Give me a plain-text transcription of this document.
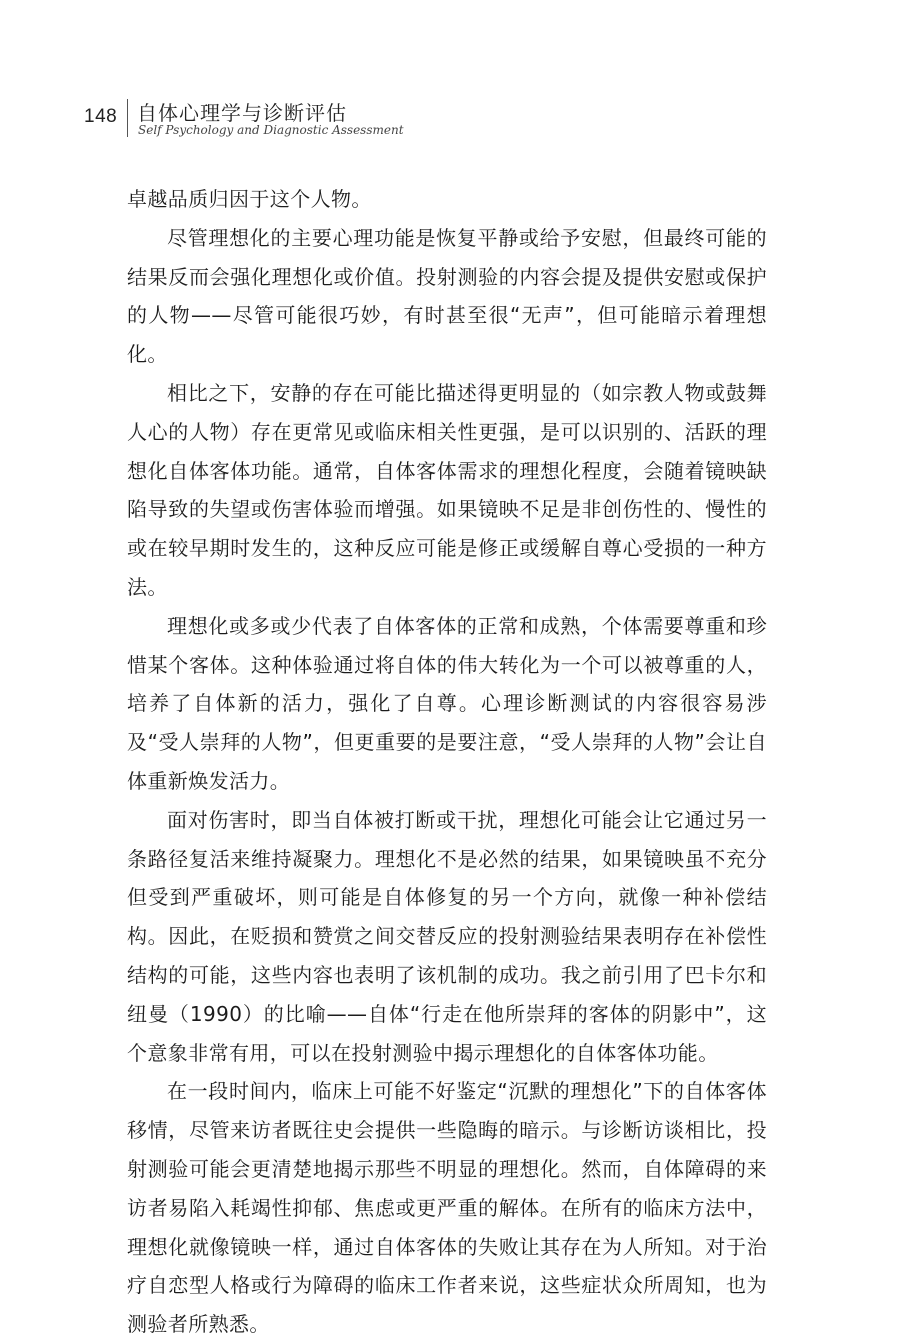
148 自体心理学与诊断评估
Self Psychology and Diagnostic Assessment

卓越品质归因于这个人物。

尽管理想化的主要心理功能是恢复平静或给予安慰，但最终可能的结果反而会强化理想化或价值。投射测验的内容会提及提供安慰或保护的人物——尽管可能很巧妙，有时甚至很“无声”，但可能暗示着理想化。

相比之下，安静的存在可能比描述得更明显的（如宗教人物或鼓舞人心的人物）存在更常见或临床相关性更强，是可以识别的、活跃的理想化自体客体功能。通常，自体客体需求的理想化程度，会随着镜映缺陷导致的失望或伤害体验而增强。如果镜映不足是非创伤性的、慢性的或在较早期时发生的，这种反应可能是修正或缓解自尊心受损的一种方法。

理想化或多或少代表了自体客体的正常和成熟，个体需要尊重和珍惜某个客体。这种体验通过将自体的伟大转化为一个可以被尊重的人，培养了自体新的活力，强化了自尊。心理诊断测试的内容很容易涉及“受人崇拜的人物”，但更重要的是要注意，“受人崇拜的人物”会让自体重新焕发活力。

面对伤害时，即当自体被打断或干扰，理想化可能会让它通过另一条路径复活来维持凝聚力。理想化不是必然的结果，如果镜映虽不充分但受到严重破坏，则可能是自体修复的另一个方向，就像一种补偿结构。因此，在贬损和赞赏之间交替反应的投射测验结果表明存在补偿性结构的可能，这些内容也表明了该机制的成功。我之前引用了巴卡尔和纽曼（1990）的比喻——自体“行走在他所崇拜的客体的阴影中”，这个意象非常有用，可以在投射测验中揭示理想化的自体客体功能。

在一段时间内，临床上可能不好鉴定“沉默的理想化”下的自体客体移情，尽管来访者既往史会提供一些隐晦的暗示。与诊断访谈相比，投射测验可能会更清楚地揭示那些不明显的理想化。然而，自体障碍的来访者易陷入耗竭性抑郁、焦虑或更严重的解体。在所有的临床方法中，理想化就像镜映一样，通过自体客体的失败让其存在为人所知。对于治疗自恋型人格或行为障碍的临床工作者来说，这些症状众所周知，也为测验者所熟悉。
